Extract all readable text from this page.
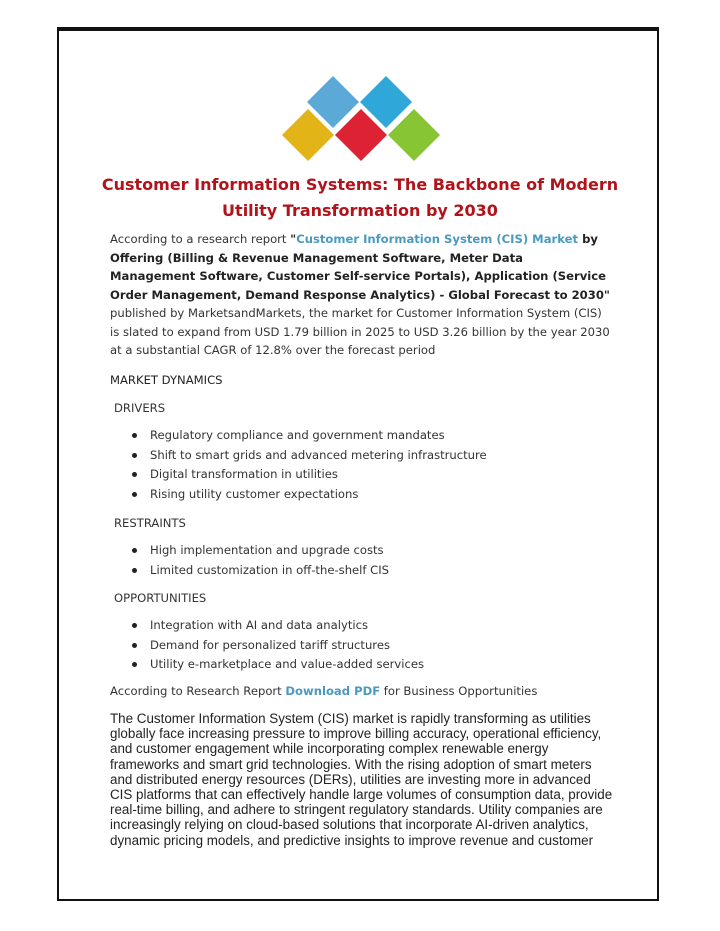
Customer Information Systems: The Backbone of Modern
Utility Transformation by 2030
According to a research report "Customer Information System (CIS) Market by Offering (Billing & Revenue Management Software, Meter Data Management Software, Customer Self-service Portals), Application (Service Order Management, Demand Response Analytics) - Global Forecast to 2030" published by MarketsandMarkets, the market for Customer Information System (CIS) is slated to expand from USD 1.79 billion in 2025 to USD 3.26 billion by the year 2030 at a substantial CAGR of 12.8% over the forecast period
MARKET DYNAMICS
DRIVERS
Regulatory compliance and government mandates
Shift to smart grids and advanced metering infrastructure
Digital transformation in utilities
Rising utility customer expectations
RESTRAINTS
High implementation and upgrade costs
Limited customization in off-the-shelf CIS
OPPORTUNITIES
Integration with AI and data analytics
Demand for personalized tariff structures
Utility e-marketplace and value-added services
According to Research Report Download PDF for Business Opportunities
The Customer Information System (CIS) market is rapidly transforming as utilities globally face increasing pressure to improve billing accuracy, operational efficiency, and customer engagement while incorporating complex renewable energy frameworks and smart grid technologies. With the rising adoption of smart meters and distributed energy resources (DERs), utilities are investing more in advanced CIS platforms that can effectively handle large volumes of consumption data, provide real-time billing, and adhere to stringent regulatory standards. Utility companies are increasingly relying on cloud-based solutions that incorporate AI-driven analytics, dynamic pricing models, and predictive insights to improve revenue and customer
